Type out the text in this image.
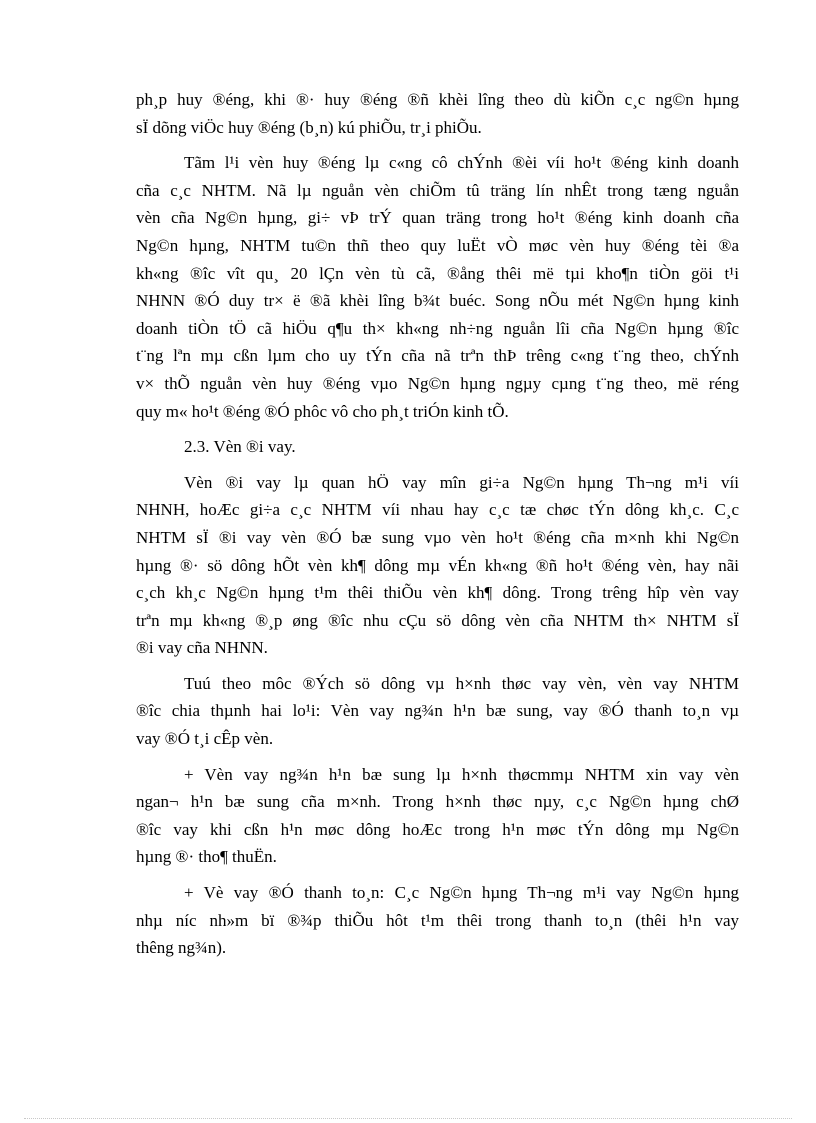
ph¸p huy ®éng, khi ®· huy ®éng ®ñ khèi lîng theo dù kiÕn c¸c ng©n hµng
sÏ dõng viÖc huy ®éng (b¸n) kú phiÕu, tr¸i phiÕu.
Tãm l¹i vèn huy ®éng lµ c«ng cô chÝnh ®èi víi ho¹t ®éng kinh doanh
cña c¸c NHTM. Nã lµ nguån vèn chiÕm tû träng lín nhÊt trong tæng nguån
vèn cña Ng©n hµng, gi÷ vÞ trÝ quan träng trong ho¹t ®éng kinh doanh cña
Ng©n hµng, NHTM tu©n thñ theo quy luËt vÒ møc vèn huy ®éng tèi ®a
kh«ng ®îc vît qu¸ 20 lÇn vèn tù cã, ®ång thêi më tµi kho¶n tiÒn göi t¹i
NHNN ®Ó duy tr× ë ®ã khèi lîng b¾t buéc. Song nÕu mét Ng©n hµng kinh
doanh tiÒn tÖ cã hiÖu q¶u th× kh«ng nh÷ng nguån lîi cña Ng©n hµng ®îc
t¨ng lªn mµ cßn lµm cho uy tÝn cña nã trªn thÞ trêng c«ng t¨ng theo, chÝnh
v× thÕ nguån vèn huy ®éng vµo Ng©n hµng ngµy cµng t¨ng theo, më réng
quy m« ho¹t ®éng ®Ó phôc vô cho ph¸t triÓn kinh tÕ.
2.3. Vèn ®i vay.
Vèn ®i vay lµ quan hÖ vay mîn gi÷a Ng©n hµng Th¬ng m¹i víi
NHNH, hoÆc gi÷a c¸c NHTM víi nhau hay c¸c tæ chøc tÝn dông kh¸c. C¸c
NHTM sÏ ®i vay vèn ®Ó bæ sung vµo vèn ho¹t ®éng cña m×nh khi Ng©n
hµng ®· sö dông hÕt vèn kh¶ dông mµ vÉn kh«ng ®ñ ho¹t ®éng vèn, hay nãi
c¸ch kh¸c Ng©n hµng t¹m thêi thiÕu vèn kh¶ dông. Trong trêng hîp vèn vay
trªn mµ kh«ng ®¸p øng ®îc nhu cÇu sö dông vèn cña NHTM th× NHTM sÏ
®i vay cña NHNN.
Tuú theo môc ®Ých sö dông vµ h×nh thøc vay vèn, vèn vay NHTM
®îc chia thµnh hai lo¹i: Vèn vay ng¾n h¹n bæ sung, vay ®Ó thanh to¸n vµ
vay ®Ó t¸i cÊp vèn.
+ Vèn vay ng¾n h¹n bæ sung lµ h×nh thøcmmµ NHTM xin vay vèn
ngan¬ h¹n bæ sung cña m×nh. Trong h×nh thøc nµy, c¸c Ng©n hµng chØ
®îc vay khi cßn h¹n møc dông hoÆc trong h¹n møc tÝn dông mµ Ng©n
hµng ®· tho¶ thuËn.
+ Vè vay ®Ó thanh to¸n: C¸c Ng©n hµng Th¬ng m¹i vay Ng©n hµng
nhµ níc nh»m bï ®¾p thiÕu hôt t¹m thêi trong thanh to¸n (thêi h¹n vay
thêng ng¾n).
